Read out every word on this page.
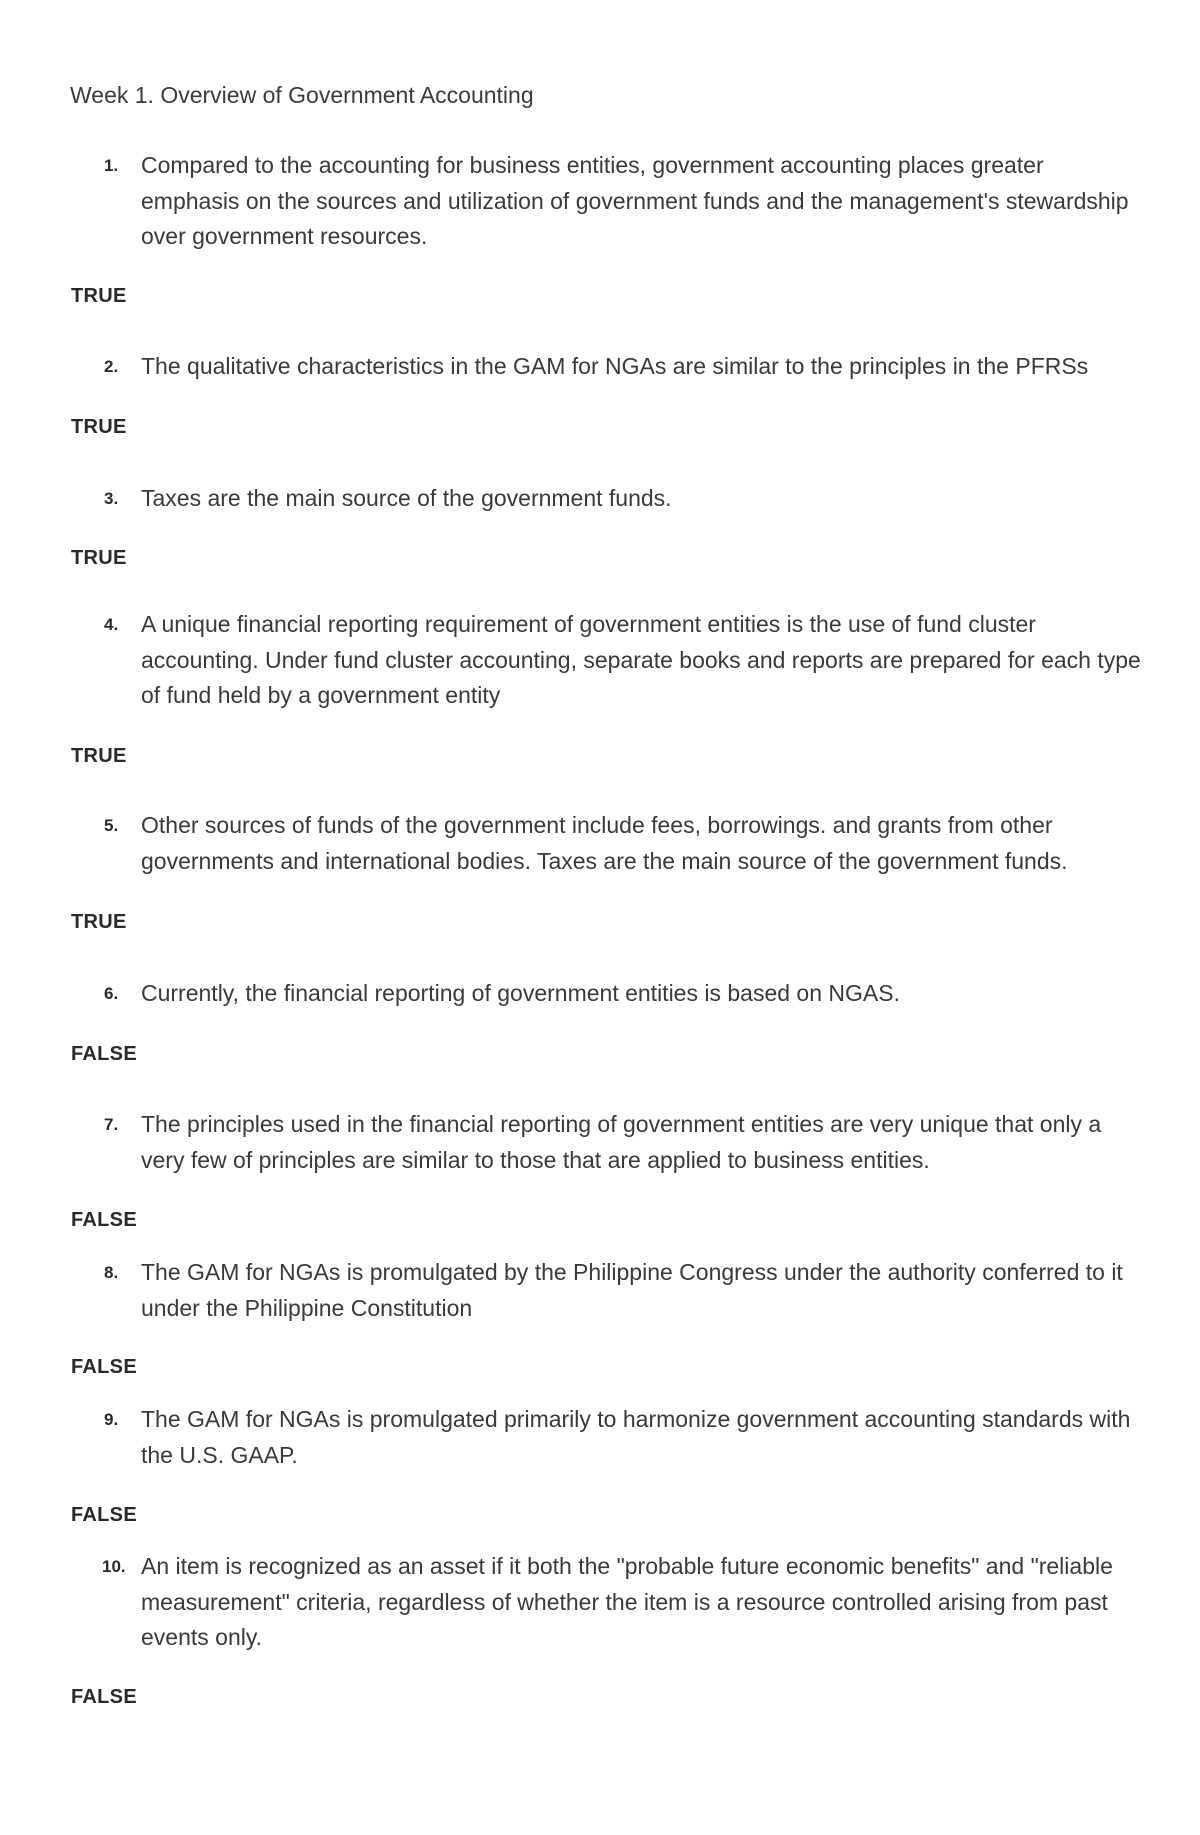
Week 1. Overview of Government Accounting
1. Compared to the accounting for business entities, government accounting places greater emphasis on the sources and utilization of government funds and the management's stewardship over government resources.
TRUE
2. The qualitative characteristics in the GAM for NGAs are similar to the principles in the PFRSs
TRUE
3. Taxes are the main source of the government funds.
TRUE
4. A unique financial reporting requirement of government entities is the use of fund cluster accounting. Under fund cluster accounting, separate books and reports are prepared for each type of fund held by a government entity
TRUE
5. Other sources of funds of the government include fees, borrowings. and grants from other governments and international bodies. Taxes are the main source of the government funds.
TRUE
6. Currently, the financial reporting of government entities is based on NGAS.
FALSE
7. The principles used in the financial reporting of government entities are very unique that only a very few of principles are similar to those that are applied to business entities.
FALSE
8. The GAM for NGAs is promulgated by the Philippine Congress under the authority conferred to it under the Philippine Constitution
FALSE
9. The GAM for NGAs is promulgated primarily to harmonize government accounting standards with the U.S. GAAP.
FALSE
10. An item is recognized as an asset if it both the "probable future economic benefits" and "reliable measurement" criteria, regardless of whether the item is a resource controlled arising from past events only.
FALSE
